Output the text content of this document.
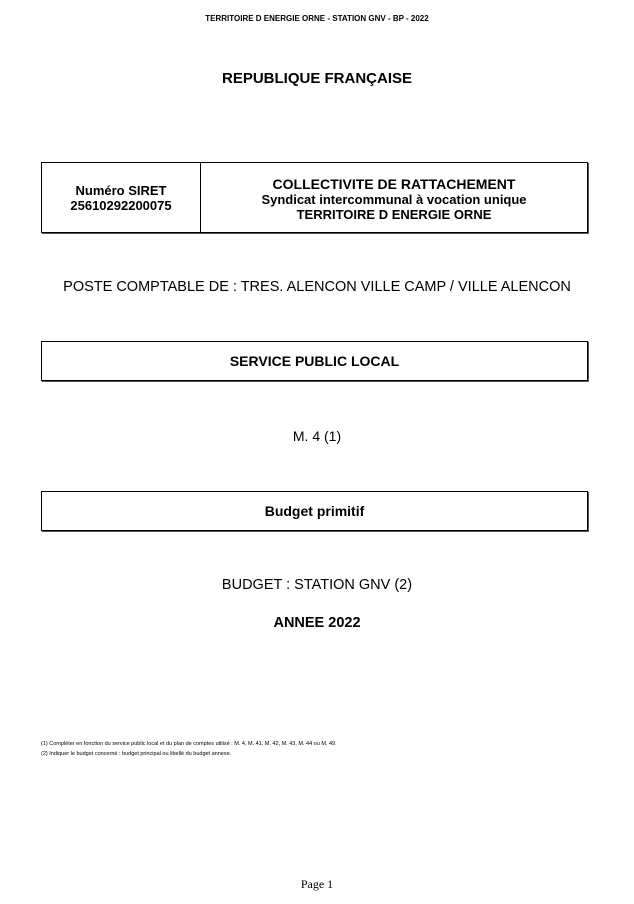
TERRITOIRE D ENERGIE ORNE - STATION GNV - BP - 2022
REPUBLIQUE FRANÇAISE
Numéro SIRET
25610292200075
COLLECTIVITE DE RATTACHEMENT
Syndicat intercommunal à vocation unique
TERRITOIRE D ENERGIE ORNE
POSTE COMPTABLE DE : TRES. ALENCON VILLE CAMP / VILLE ALENCON
SERVICE PUBLIC LOCAL
M. 4 (1)
Budget primitif
BUDGET : STATION GNV (2)
ANNEE 2022
(1) Compléter en fonction du service public local et du plan de comptes utilisé : M. 4, M. 41, M. 42, M. 43, M. 44 ou M. 49.
(2) Indiquer le budget concerné : budget principal ou libellé du budget annexe.
Page 1
